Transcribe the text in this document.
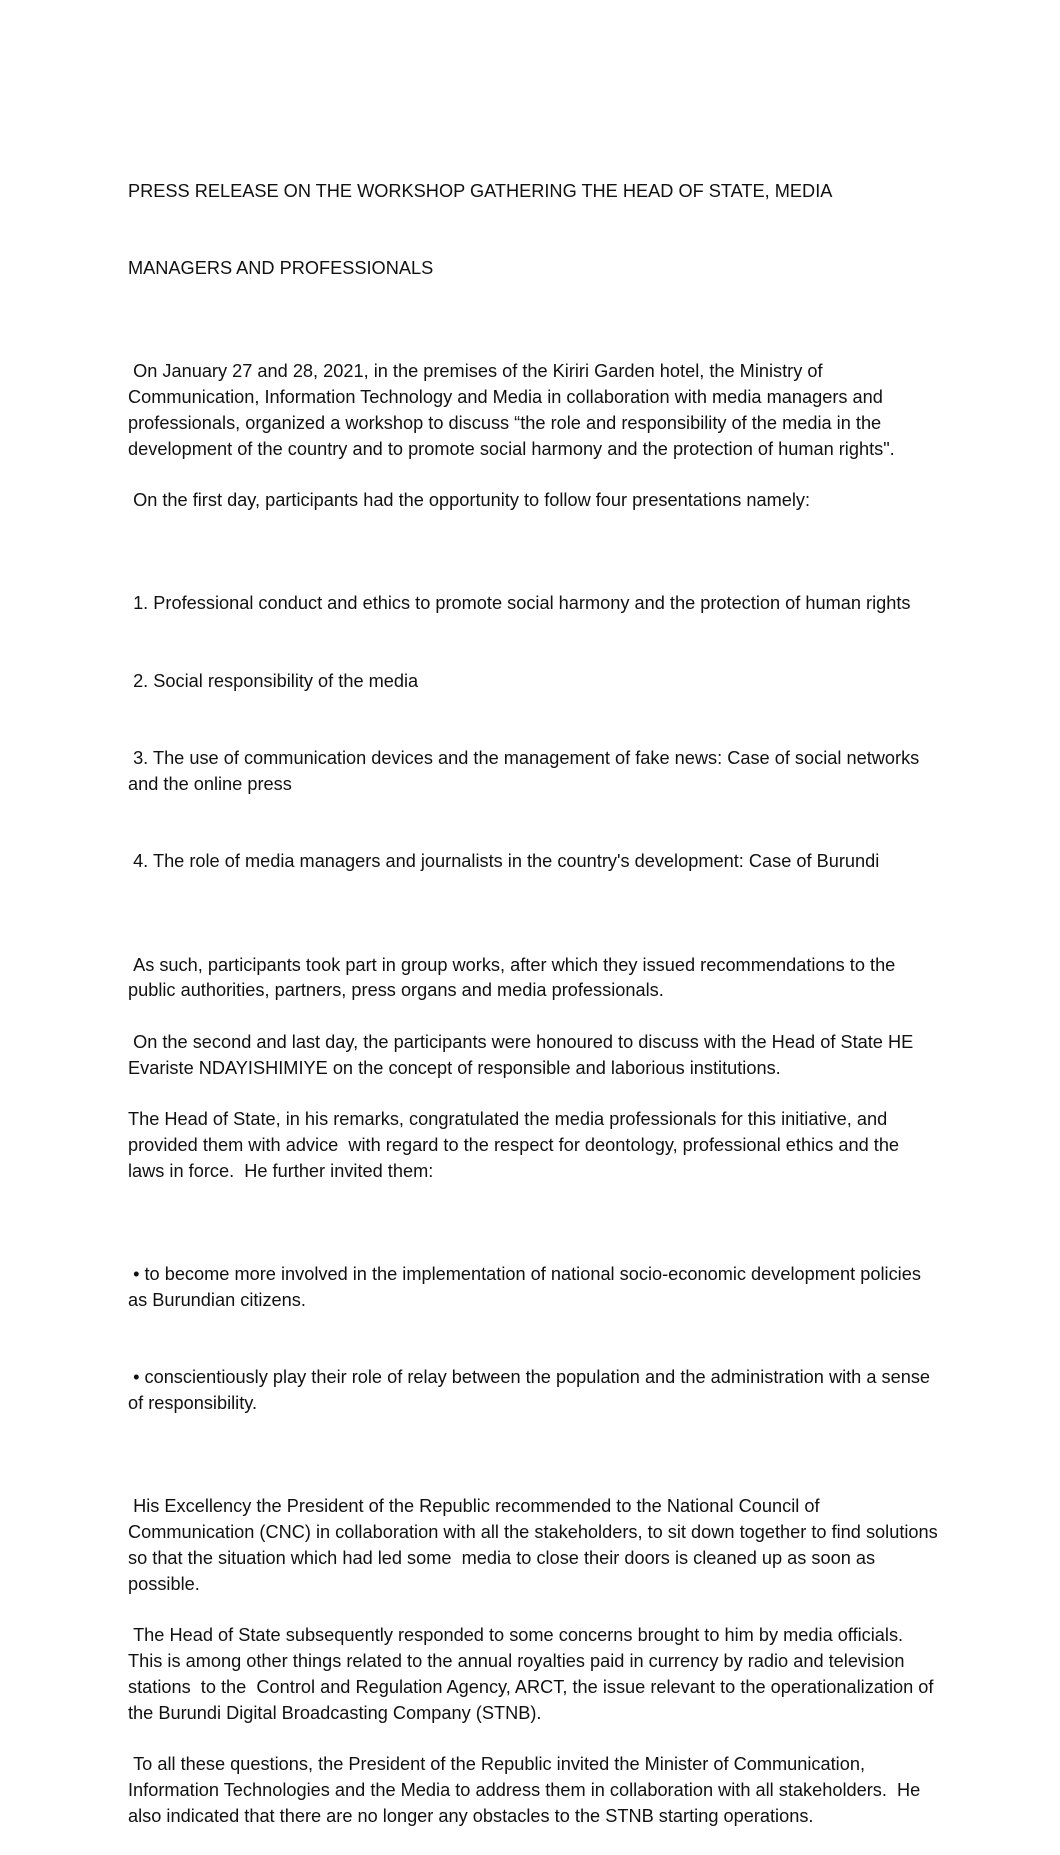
PRESS RELEASE ON THE WORKSHOP GATHERING THE HEAD OF STATE, MEDIA

MANAGERS AND PROFESSIONALS

On January 27 and 28, 2021, in the premises of the Kiriri Garden hotel, the Ministry of Communication, Information Technology and Media in collaboration with media managers and professionals, organized a workshop to discuss “the role and responsibility of the media in the development of the country and to promote social harmony and the protection of human rights".
On the first day, participants had the opportunity to follow four presentations namely:

1. Professional conduct and ethics to promote social harmony and the protection of human rights

2. Social responsibility of the media

3. The use of communication devices and the management of fake news: Case of social networks and the online press

4. The role of media managers and journalists in the country's development: Case of Burundi

As such, participants took part in group works, after which they issued recommendations to the public authorities, partners, press organs and media professionals.
On the second and last day, the participants were honoured to discuss with the Head of State HE Evariste NDAYISHIMIYE on the concept of responsible and laborious institutions.
The Head of State, in his remarks, congratulated the media professionals for this initiative, and provided them with advice  with regard to the respect for deontology, professional ethics and the laws in force.  He further invited them:

• to become more involved in the implementation of national socio-economic development policies as Burundian citizens.

• conscientiously play their role of relay between the population and the administration with a sense of responsibility.

His Excellency the President of the Republic recommended to the National Council of Communication (CNC) in collaboration with all the stakeholders, to sit down together to find solutions so that the situation which had led some  media to close their doors is cleaned up as soon as possible.
The Head of State subsequently responded to some concerns brought to him by media officials.  This is among other things related to the annual royalties paid in currency by radio and television stations  to the  Control and Regulation Agency, ARCT, the issue relevant to the operationalization of the Burundi Digital Broadcasting Company (STNB).
To all these questions, the President of the Republic invited the Minister of Communication, Information Technologies and the Media to address them in collaboration with all stakeholders.  He also indicated that there are no longer any obstacles to the STNB starting operations.
